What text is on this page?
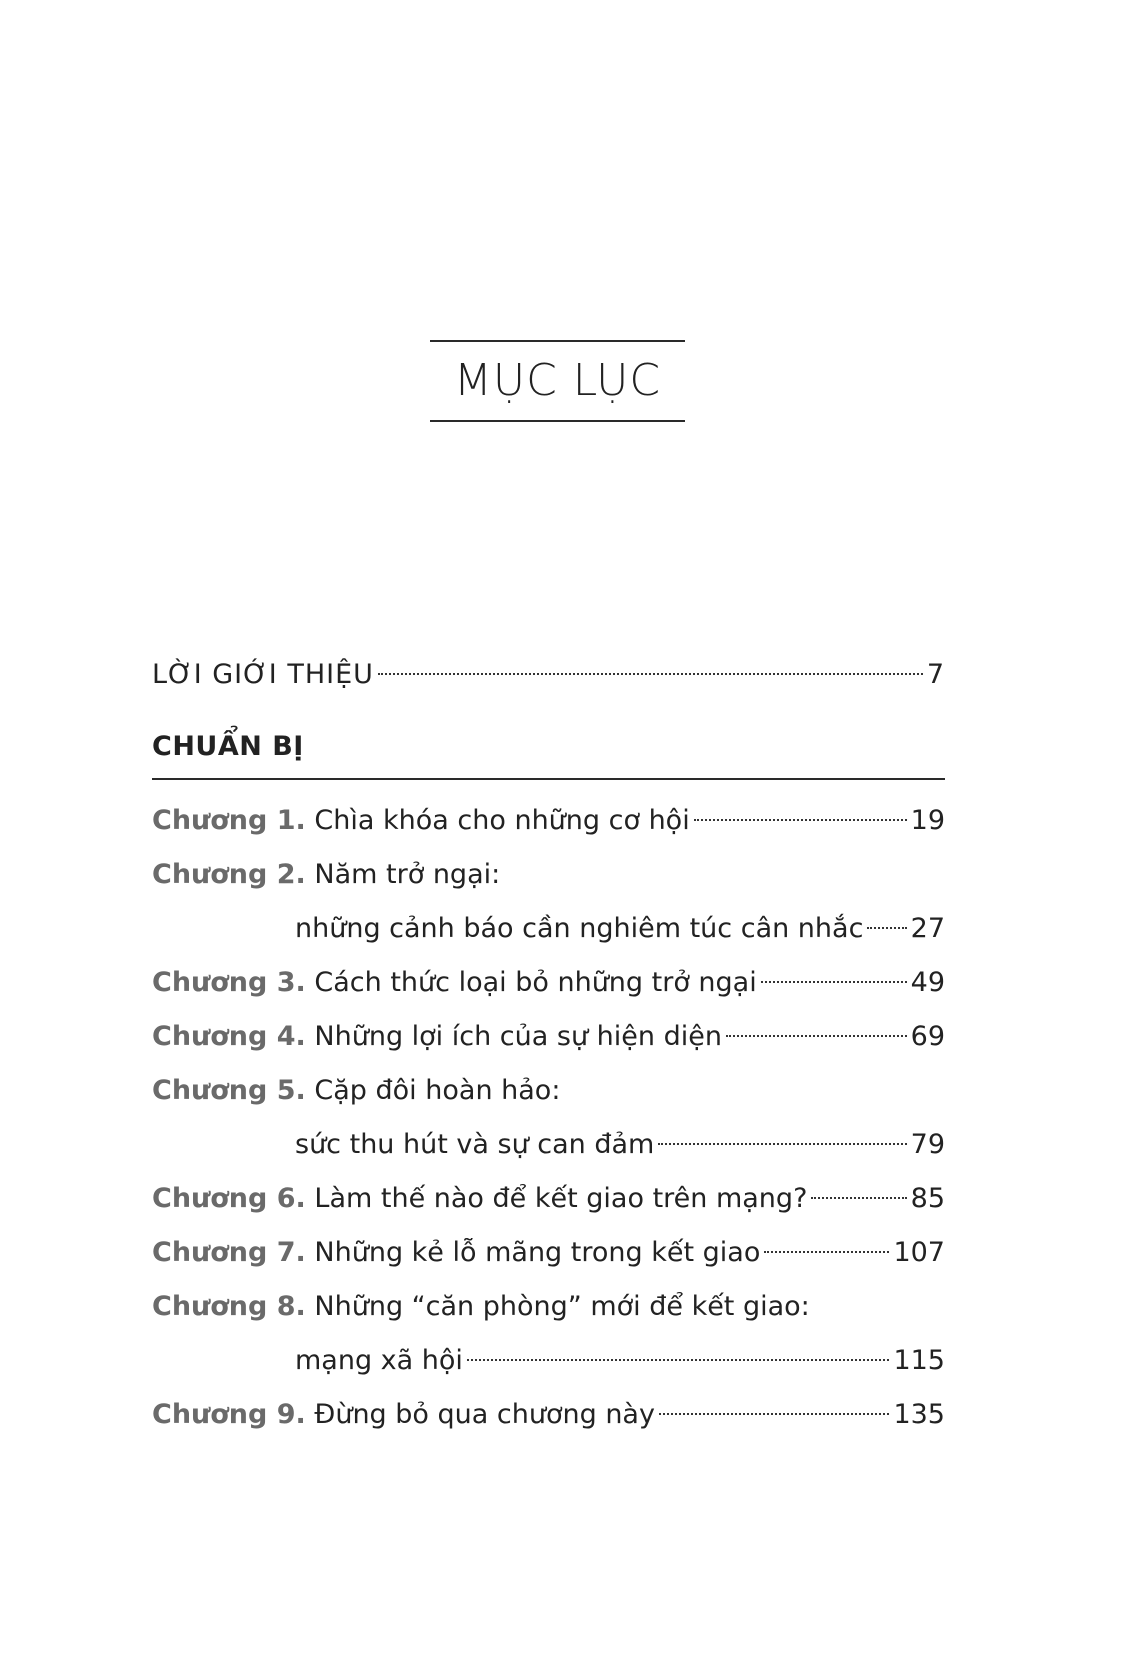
MỤC LỤC
LỜI GIỚI THIỆU	7
CHUẨN BỊ
Chương 1. Chìa khóa cho những cơ hội	19
Chương 2. Năm trở ngại:
những cảnh báo cần nghiêm túc cân nhắc 27
Chương 3. Cách thức loại bỏ những trở ngại	49
Chương 4. Những lợi ích của sự hiện diện	69
Chương 5. Cặp đôi hoàn hảo:
sức thu hút và sự can đảm	79
Chương 6. Làm thế nào để kết giao trên mạng?	85
Chương 7. Những kẻ lỗ mãng trong kết giao	107
Chương 8. Những “căn phòng” mới để kết giao:
mạng xã hội	115
Chương 9. Đừng bỏ qua chương này	135
